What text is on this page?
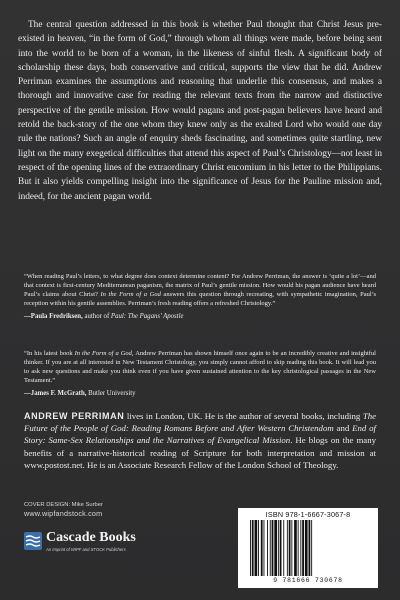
The central question addressed in this book is whether Paul thought that Christ Jesus pre-existed in heaven, “in the form of God,” through whom all things were made, before being sent into the world to be born of a woman, in the likeness of sinful flesh. A significant body of scholarship these days, both conservative and critical, supports the view that he did. Andrew Perriman examines the assumptions and reasoning that underlie this consensus, and makes a thorough and innovative case for reading the relevant texts from the narrow and distinctive perspective of the gentile mission. How would pagans and post-pagan believers have heard and retold the back-story of the one whom they knew only as the exalted Lord who would one day rule the nations? Such an angle of enquiry sheds fascinating, and sometimes quite startling, new light on the many exegetical difficulties that attend this aspect of Paul’s Christology—not least in respect of the opening lines of the extraordinary Christ encomium in his letter to the Philippians. But it also yields compelling insight into the significance of Jesus for the Pauline mission and, indeed, for the ancient pagan world.

“When reading Paul’s letters, to what degree does context determine content? For Andrew Perriman, the answer is ‘quite a lot’—and that context is first-century Mediterranean paganism, the matrix of Paul’s gentile mission. How would his pagan audience have heard Paul’s claims about Christ? In the Form of a God answers this question through recreating, with sympathetic imagination, Paul’s reception within his gentile assemblies. Perriman’s fresh reading offers a refreshed Christology.”
—Paula Fredriksen, author of Paul: The Pagans’ Apostle

“In his latest book In the Form of a God, Andrew Perriman has shown himself once again to be an incredibly creative and insightful thinker. If you are at all interested in New Testament Christology, you simply cannot afford to skip reading this book. It will lead you to ask new questions and make you think even if you have given sustained attention to the key christological passages in the New Testament.”
—James F. McGrath, Butler University

ANDREW PERRIMAN lives in London, UK. He is the author of several books, including The Future of the People of God: Reading Romans Before and After Western Christendom and End of Story: Same-Sex Relationships and the Narratives of Evangelical Mission. He blogs on the many benefits of a narrative-historical reading of Scripture for both interpretation and mission at www.postost.net. He is an Associate Research Fellow of the London School of Theology.

COVER DESIGN: Mike Surber
www.wipfandstock.com
Cascade Books
An Imprint of WIPF and STOCK Publishers
ISBN 978-1-6667-3067-8
9 781666 730678
